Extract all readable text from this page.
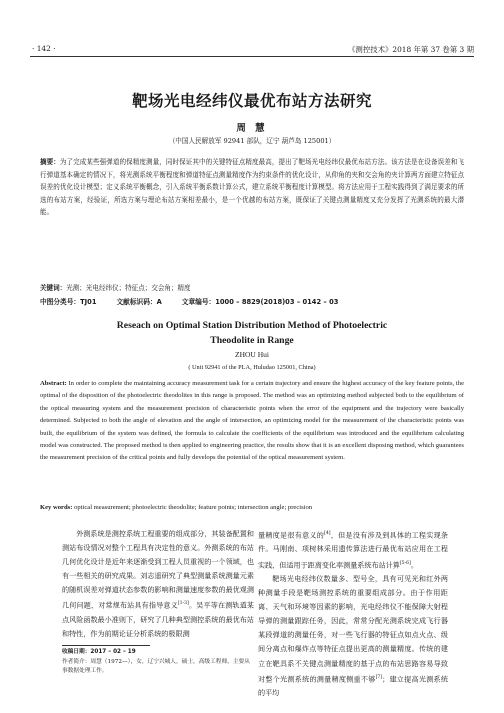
· 142 ·	《测控技术》2018 年第 37 卷第 3 期
靶场光电经纬仪最优布站方法研究
周 慧
（中国人民解放军 92941 部队，辽宁 葫芦岛 125001）
摘要：为了完成某些强弹道的保精度测量，同时保证其中的关键特征点精度最高，提出了靶场光电经纬仪最优布站方法。该方法是在设备误差和飞行弹道基本确定的情况下，将光测系统平衡程度和弹道特征点测量精度作为约束条件的优化设计，从仰角的夹和交会角的夹计算两方面建立特征点误差的优化设计模型；定义系统平衡概念，引入系统平衡系数计算公式，建立系统平衡程度计算模型。将方法应用于工程实践得到了满足要求的所选的布站方案，经验证，所选方案与理论布站方案相差最小，是一个优越的布站方案，既保证了关键点测量精度又充分发挥了光测系统的最大潜能。
关键词：光测；光电经纬仪；特征点；交会角；精度
中图分类号：TJ01	文献标识码：A	文章编号：1000 – 8829(2018)03 – 0142 – 03
Reseach on Optimal Station Distribution Method of Photoelectric
Theodolite in Range
ZHOU Hui
( Unit 92941 of the PLA, Huludao 125001, China)
Abstract: In order to complete the maintaining accuracy measurement task for a certain trajectory and ensure the highest accuracy of the key feature points, the optimal of the disposition of the photoelectric theodolites in this range is proposed. The method was an optimizing method subjected both to the equilibrium of the optical measuring system and the measurement precision of characteristic points when the error of the equipment and the trajectory were basically determined. Subjected to both the angle of elevation and the angle of intersection, an optimizing model for the measurement of the characteristic points was built, the equilibrium of the system was defined, the formula to calculate the coefficients of the equilibrium was introduced and the equilibrium calculating model was constructed. The proposed method is then applied to engineering practice, the results show that it is an excellent disposing method, which guarantees the measurement precision of the critical points and fully develops the potential of the optical measurement system.
Key words: optical measurement; photoelectric theodolite; feature points; intersection angle; precision

外测系统是测控系统工程重要的组成部分，其装备配置和测站布设情况对整个工程具有决定性的意义。外测系统的布站几何优化设计是近年来逐渐受到工程人员重视的一个领域，也有一些相关的研究成果。刘志遥研究了典型测量系统测量元素的随机误差对弹道状态参数的影响和测量速度参数的最优观测几何问题，对常规布站具有指导意义[1-3]。吴平等在测轨道某点风险函数最小准则下，研究了几种典型测控系统的最优布站和特性，作为前期论证分析系统的极限测

收稿日期：2017 – 02 – 19
作者简介：周慧（1972—），女，辽宁兴城人，硕士，高级工程师，主要从事数据处理工作。

量精度是很有意义的[4]，但是没有涉及到具体的工程实现条件。马刚南、项树林采用遗传算法进行最优布站应用在工程实践，但适用于距离变化率测量系统布站计算[5-6]。

靶场光电经纬仪数量多、型号全，具有可见光和红外两种测量手段是靶场测控系统的重要组成部分。由于作用距离、天气和环境等因素的影响，光电经纬仪不能保障大射程导弹的测量跟踪任务，因此，常常分配光测系统完成飞行器某段弹道的测量任务，对一些飞行器的特征点如点火点、级间分离点和爆炸点等特征点提出更高的测量精度。传统的建立在靶具系不关键点测量精度的基于点的布站思路容易导致对整个光测系统的测量精度侧重不够[7]；建立提高光测系统的平均
